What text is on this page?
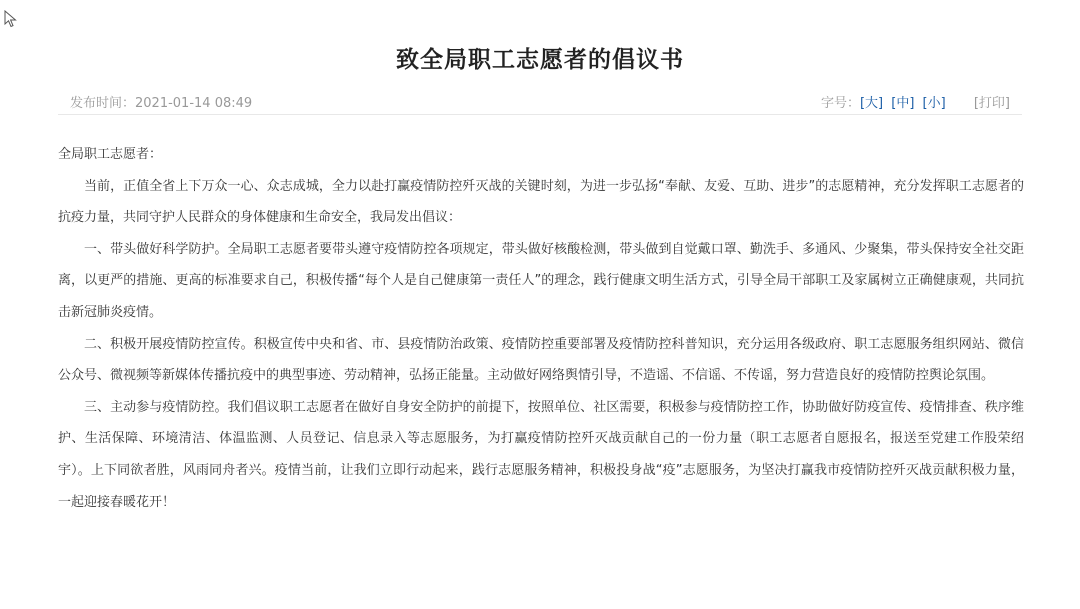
致全局职工志愿者的倡议书
发布时间：2021-01-14 08:49	字号：[大] [中] [小] [打印]

全局职工志愿者：

当前，正值全省上下万众一心、众志成城，全力以赴打赢疫情防控歼灭战的关键时刻，为进一步弘扬“奉献、友爱、互助、进步”的志愿精神，充分发挥职工志愿者的抗疫力量，共同守护人民群众的身体健康和生命安全，我局发出倡议：

一、带头做好科学防护。全局职工志愿者要带头遵守疫情防控各项规定，带头做好核酸检测，带头做到自觉戴口罩、勤洗手、多通风、少聚集，带头保持安全社交距离，以更严的措施、更高的标准要求自己，积极传播“每个人是自己健康第一责任人”的理念，践行健康文明生活方式，引导全局干部职工及家属树立正确健康观，共同抗击新冠肺炎疫情。

二、积极开展疫情防控宣传。积极宣传中央和省、市、县疫情防治政策、疫情防控重要部署及疫情防控科普知识，充分运用各级政府、职工志愿服务组织网站、微信公众号、微视频等新媒体传播抗疫中的典型事迹、劳动精神，弘扬正能量。主动做好网络舆情引导，不造谣、不信谣、不传谣，努力营造良好的疫情防控舆论氛围。

三、主动参与疫情防控。我们倡议职工志愿者在做好自身安全防护的前提下，按照单位、社区需要，积极参与疫情防控工作，协助做好防疫宣传、疫情排查、秩序维护、生活保障、环境清洁、体温监测、人员登记、信息录入等志愿服务，为打赢疫情防控歼灭战贡献自己的一份力量（职工志愿者自愿报名，报送至党建工作股荣绍宇）。上下同欲者胜，风雨同舟者兴。疫情当前，让我们立即行动起来，践行志愿服务精神，积极投身战“疫”志愿服务，为坚决打赢我市疫情防控歼灭战贡献积极力量，一起迎接春暖花开！
